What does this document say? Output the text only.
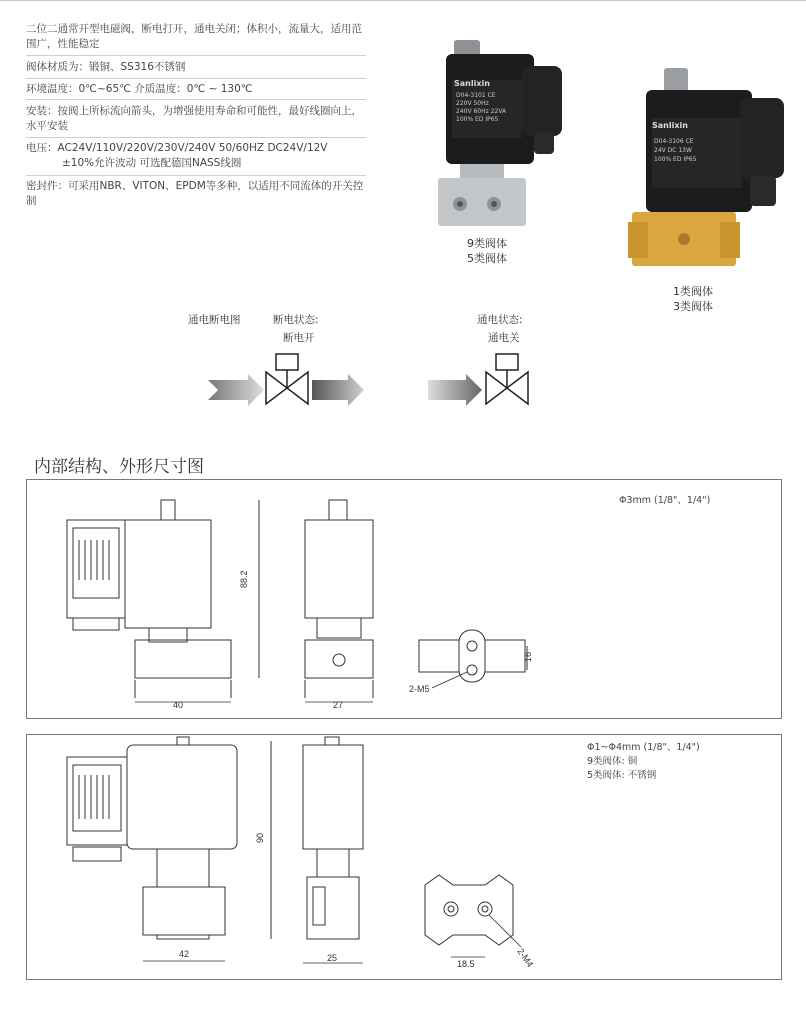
二位二通常开型电磁阀，断电打开，通电关闭；体积小，流量大，适用范围广，性能稳定
阀体材质为：锻铜、SS316不锈钢
环境温度：0℃~65℃ 介质温度：0℃ ~ 130℃
安装：按阀上所标流向箭头，为增强使用寿命和可能性，最好线圈向上，水平安装
电压：AC24V/110V/220V/230V/240V 50/60HZ DC24V/12V
±10%允许波动 可选配德国NASS线圈
密封件：可采用NBR、VITON、EPDM等多种，以适用不同流体的开关控制
Sanlixin
D04-3101 CE
220V 50Hz
240V 60Hz 22VA
100% ED IP65
9类阀体
5类阀体
Sanlixin
D04-3106 CE
24V DC 13W
100% ED IP65
1类阀体
3类阀体
通电断电图	断电状态:
断电开
通电状态:
通电关
内部结构、外形尺寸图
Φ3mm (1/8"、1/4")
40	27
88.2
2-M5
16
Φ1~Φ4mm (1/8"、1/4")
9类阀体: 铜
5类阀体: 不锈钢
42	25
90
18.5	2-M4
